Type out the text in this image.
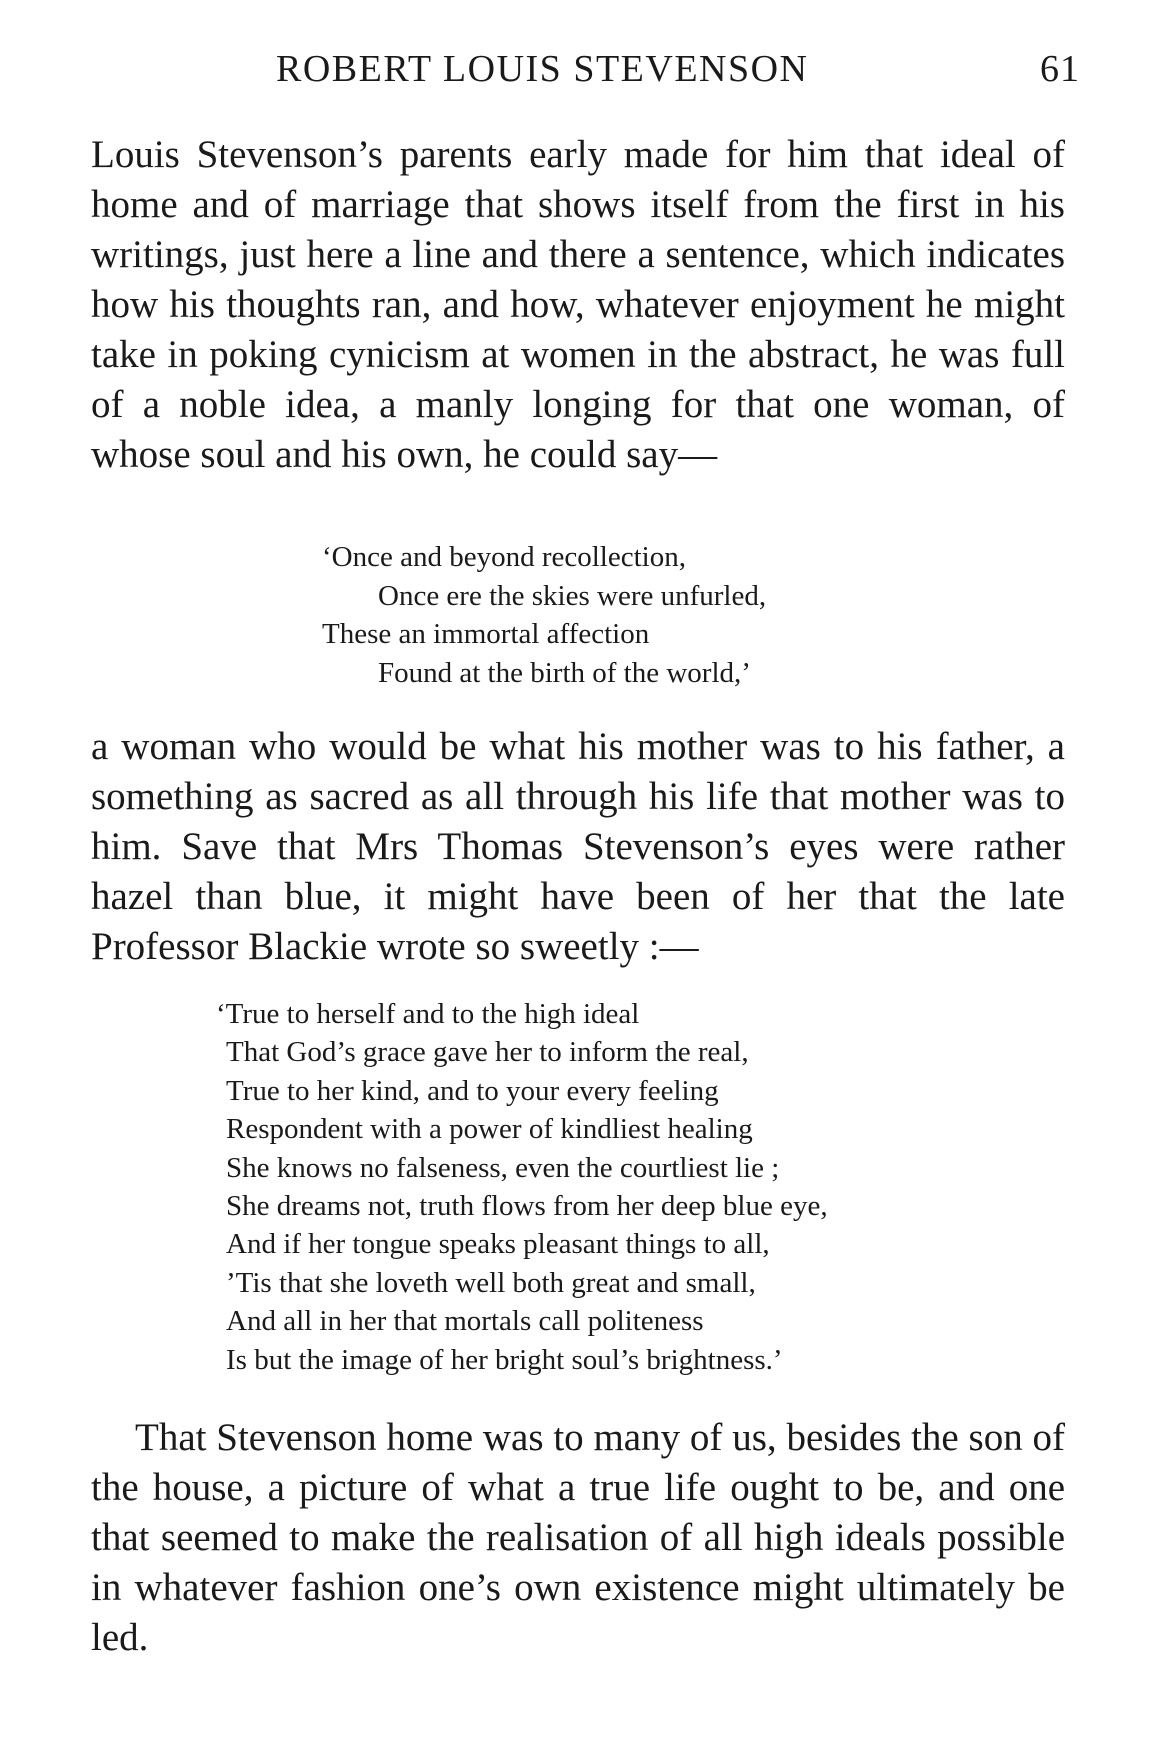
ROBERT LOUIS STEVENSON	61

Louis Stevenson’s parents early made for him that ideal of home and of marriage that shows itself from the first in his writings, just here a line and there a sentence, which indicates how his thoughts ran, and how, whatever enjoyment he might take in poking cynicism at women in the abstract, he was full of a noble idea, a manly longing for that one woman, of whose soul and his own, he could say—

‘Once and beyond recollection,
Once ere the skies were unfurled,
These an immortal affection
Found at the birth of the world,’

a woman who would be what his mother was to his father, a something as sacred as all through his life that mother was to him. Save that Mrs Thomas Stevenson’s eyes were rather hazel than blue, it might have been of her that the late Professor Blackie wrote so sweetly :—

‘True to herself and to the high ideal
That God’s grace gave her to inform the real,
True to her kind, and to your every feeling
Respondent with a power of kindliest healing
She knows no falseness, even the courtliest lie ;
She dreams not, truth flows from her deep blue eye,
And if her tongue speaks pleasant things to all,
’Tis that she loveth well both great and small,
And all in her that mortals call politeness
Is but the image of her bright soul’s brightness.’

That Stevenson home was to many of us, besides the son of the house, a picture of what a true life ought to be, and one that seemed to make the realisation of all high ideals possible in whatever fashion one’s own existence might ultimately be led.
